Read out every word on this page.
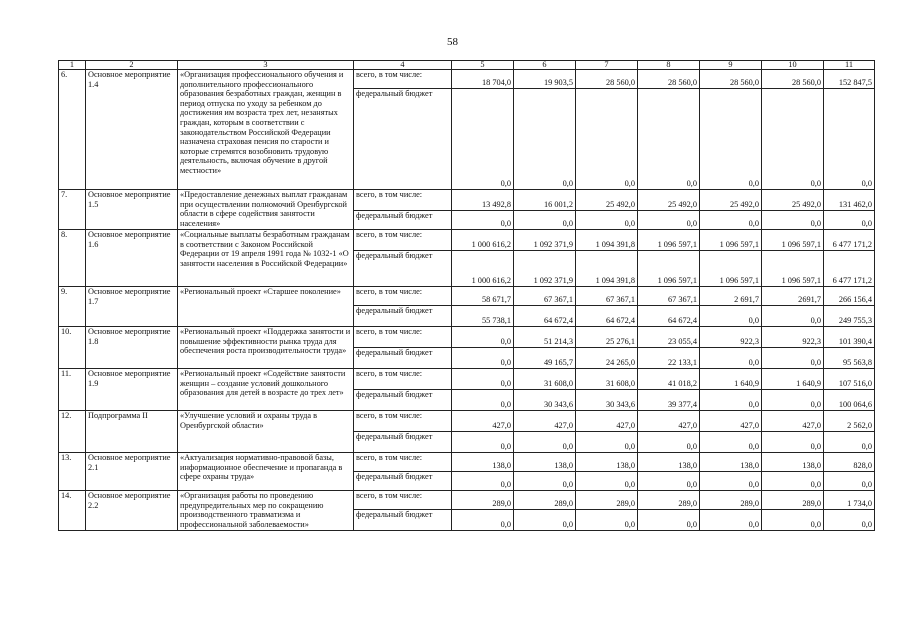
58
1	2	3	4	5	6	7	8	9	10	11
6.	Основное мероприятие 1.4	«Организация профессионального обучения и дополнительного профессионального образования безработных граждан, женщин в период отпуска по уходу за ребенком до достижения им возраста трех лет, незанятых граждан, которым в соответствии с законодательством Российской Федерации назначена страховая пенсия по старости и которые стремятся возобновить трудовую деятельность, включая обучение в другой местности»	всего, в том числе:	18 704,0	19 903,5	28 560,0	28 560,0	28 560,0	28 560,0	152 847,5
			федеральный бюджет	0,0	0,0	0,0	0,0	0,0	0,0	0,0
7.	Основное мероприятие 1.5	«Предоставление денежных выплат гражданам при осуществлении полномочий Оренбургской области в сфере содействия занятости населения»	всего, в том числе:	13 492,8	16 001,2	25 492,0	25 492,0	25 492,0	25 492,0	131 462,0
			федеральный бюджет	0,0	0,0	0,0	0,0	0,0	0,0	0,0
8.	Основное мероприятие 1.6	«Социальные выплаты безработным гражданам в соответствии с Законом Российской Федерации от 19 апреля 1991 года № 1032-1 «О занятости населения в Российской Федерации»	всего, в том числе:	1 000 616,2	1 092 371,9	1 094 391,8	1 096 597,1	1 096 597,1	1 096 597,1	6 477 171,2
			федеральный бюджет	1 000 616,2	1 092 371,9	1 094 391,8	1 096 597,1	1 096 597,1	1 096 597,1	6 477 171,2
9.	Основное мероприятие 1.7	«Региональный проект «Старшее поколение»	всего, в том числе:	58 671,7	67 367,1	67 367,1	67 367,1	2 691,7	2691,7	266 156,4
			федеральный бюджет	55 738,1	64 672,4	64 672,4	64 672,4	0,0	0,0	249 755,3
10.	Основное мероприятие 1.8	«Региональный проект «Поддержка занятости и повышение эффективности рынка труда для обеспечения роста производительности труда»	всего, в том числе:	0,0	51 214,3	25 276,1	23 055,4	922,3	922,3	101 390,4
			федеральный бюджет	0,0	49 165,7	24 265,0	22 133,1	0,0	0,0	95 563,8
11.	Основное мероприятие 1.9	«Региональный проект «Содействие занятости женщин – создание условий дошкольного образования для детей в возрасте до трех лет»	всего, в том числе:	0,0	31 608,0	31 608,0	41 018,2	1 640,9	1 640,9	107 516,0
			федеральный бюджет	0,0	30 343,6	30 343,6	39 377,4	0,0	0,0	100 064,6
12.	Подпрограмма II	«Улучшение условий и охраны труда в Оренбургской области»	всего, в том числе:	427,0	427,0	427,0	427,0	427,0	427,0	2 562,0
			федеральный бюджет	0,0	0,0	0,0	0,0	0,0	0,0	0,0
13.	Основное мероприятие 2.1	«Актуализация нормативно-правовой базы, информационное обеспечение и пропаганда в сфере охраны труда»	всего, в том числе:	138,0	138,0	138,0	138,0	138,0	138,0	828,0
			федеральный бюджет	0,0	0,0	0,0	0,0	0,0	0,0	0,0
14.	Основное мероприятие 2.2	«Организация работы по проведению предупредительных мер по сокращению производственного травматизма и профессиональной заболеваемости»	всего, в том числе:	289,0	289,0	289,0	289,0	289,0	289,0	1 734,0
			федеральный бюджет	0,0	0,0	0,0	0,0	0,0	0,0	0,0
